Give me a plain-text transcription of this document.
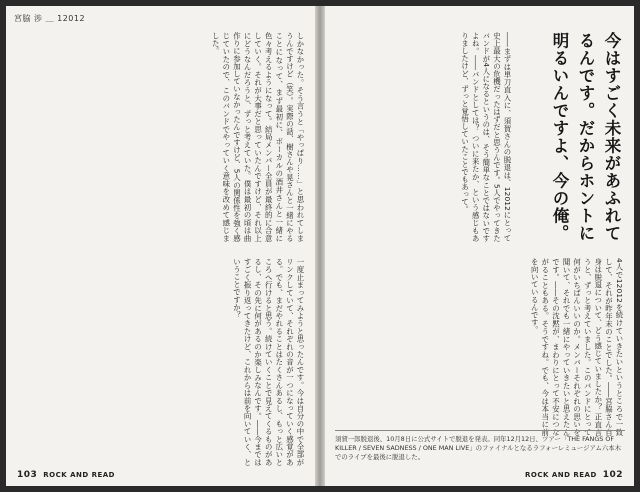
宮脇 渉 ＿ 12012
しかなかった。そう言うと「やっぱり……」と思われてしまうんですけど（笑）。実際の話、樹さんや晃さんと一緒にやることになって、まず最初に、ボーカルの酒井さんと一緒に色々考えるようになって。結局メンバー全員が最終的に合意していく。それが大事だと思っていたんですけど、それ以上にどうなんだろうと、ずっと考えていた。僕は最初の頃は曲作りに参加していなかったんですけど、5人の関係性を強く感じていたので、このバンドでやっていく意味を改めて感じました。
一度止まってみようと思ったんです。今は自分の中で全部がリンクしていて、それぞれの音が一つになっていく感覚がある。でも、まだやれることはたくさんあるし、もっと広いところへ行けると思う。続けていくことで見えてくるものがあるし、その先に何があるのか楽しみなんです。――今まではすごく振り返ってきたけど、これからは前を向いていく、ということですか？
103 ROCK AND READ
今はすごく未来があふれてるんです。だからホントに明るいんですよ、今の俺。
――まずは単刀直入に、須賀さんの脱退は、12012にとって史上最大の危機だったはずだと思うんです。5人でやってきたバンドが4人になるというのは、そう簡単なことではないですよね。――バンドとしては？ ついに来たか、という感じもありましたけど、ずっと覚悟していたことでもあって。
4人で12012を続けていきたいというところで一致して、それが昨年末のことでした。――宮脇さん自身は脱退について、どう感じていましたか？ 正直言うと、ずっと考えていました。このバンドにとって何がいちばんいいのか。メンバーそれぞれの思いを聞いて、それでも一緒にやっていきたいと思えたんです。――その沈黙が、まわりにとって不安につながることもある。そうですね。でも、今は本当に前を向いているんです。
須賀一郎脱退後、10月8日に公式サイトで脱退を発表。同年12月12日、ツアー「THE FANGS OF KILLER / SEVEN SADNESS / ONE MAN LIVE」のファイナルとなるラフォーレミュージアム六本木でのライブを最後に脱退した。
ROCK AND READ 102
